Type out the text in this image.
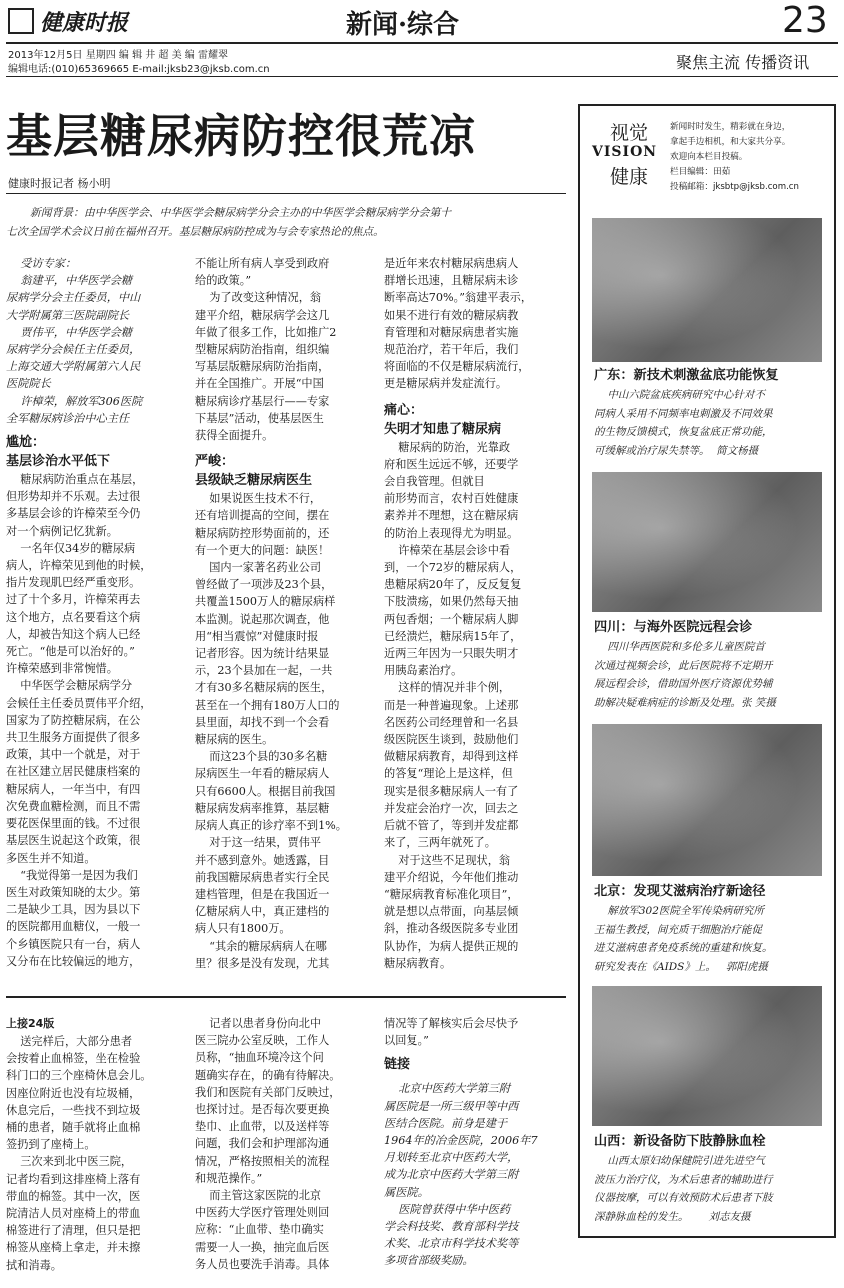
健康时报	新闻·综合	23
2013年12月5日 星期四 编 辑 井 超 美 编 雷耀翠
编辑电话:(010)65369665 E-mail:jksb23@jksb.com.cn	聚焦主流 传播资讯
基层糖尿病防控很荒凉
健康时报记者 杨小明

新闻背景：由中华医学会、中华医学会糖尿病学分会主办的中华医学会糖尿病学分会第十

七次全国学术会议日前在福州召开。基层糖尿病防控成为与会专家热论的焦点。

受访专家：

翁建平，中华医学会糖

尿病学分会主任委员，中山

大学附属第三医院副院长

贾伟平，中华医学会糖

尿病学分会候任主任委员，

上海交通大学附属第六人民

医院院长

许樟荣，解放军306医院

全军糖尿病诊治中心主任

尴尬：
基层诊治水平低下

糖尿病防治重点在基层，

但形势却并不乐观。去过很

多基层会诊的许樟荣至今仍

对一个病例记忆犹新。

一名年仅34岁的糖尿病

病人，许樟荣见到他的时候，

指片发现肌巴经严重变形。

过了十个多月，许樟荣再去

这个地方，点名要看这个病

人，却被告知这个病人已经

死亡。“他是可以治好的。”

许樟荣感到非常惋惜。

中华医学会糖尿病学分

会候任主任委员贾伟平介绍，

国家为了防控糖尿病，在公

共卫生服务方面提供了很多

政策，其中一个就是，对于

在社区建立居民健康档案的

糖尿病人，一年当中，有四

次免费血糖检测，而且不需

要花医保里面的钱。不过很

基层医生说起这个政策，很

多医生并不知道。

“我觉得第一是因为我们

医生对政策知晓的太少。第

二是缺少工具，因为县以下

的医院都用血糖仪，一般一

个乡镇医院只有一台，病人

又分布在比较偏远的地方，

不能让所有病人享受到政府

给的政策。”

为了改变这种情况，翁

建平介绍，糖尿病学会这几

年做了很多工作，比如推广2

型糖尿病防治指南，组织编

写基层版糖尿病防治指南，

并在全国推广。开展“中国

糖尿病诊疗基层行——专家

下基层”活动，使基层医生

获得全面提升。

严峻：
县级缺乏糖尿病医生

如果说医生技术不行，

还有培训提高的空间，摆在

糖尿病防控形势面前的，还

有一个更大的问题：缺医！

国内一家著名药业公司

曾经做了一项涉及23个县，

共覆盖1500万人的糖尿病样

本监测。说起那次调查，他

用“相当震惊”对健康时报

记者形容。因为统计结果显

示，23个县加在一起，一共

才有30多名糖尿病的医生，

甚至在一个拥有180万人口的

县里面，却找不到一个会看

糖尿病的医生。

而这23个县的30多名糖

尿病医生一年看的糖尿病人

只有6600人。根据目前我国

糖尿病发病率推算，基层糖

尿病人真正的诊疗率不到1%。

对于这一结果，贾伟平

并不感到意外。她透露，目

前我国糖尿病患者实行全民

建档管理，但是在我国近一

亿糖尿病人中，真正建档的

病人只有1800万。

“其余的糖尿病病人在哪

里？很多是没有发现，尤其

是近年来农村糖尿病患病人

群增长迅速，且糖尿病未诊

断率高达70%。”翁建平表示，

如果不进行有效的糖尿病教

育管理和对糖尿病患者实施

规范治疗，若干年后，我们

将面临的不仅是糖尿病流行，

更是糖尿病并发症流行。

痛心：
失明才知患了糖尿病

糖尿病的防治，光靠政

府和医生远远不够，还要学

会自我管理。但就目

前形势而言，农村百姓健康

素养并不理想，这在糖尿病

的防治上表现得尤为明显。

许樟荣在基层会诊中看

到，一个72岁的糖尿病人，

患糖尿病20年了，反反复复

下肢溃疡，如果仍然每天抽

两包香烟；一个糖尿病人脚

已经溃烂，糖尿病15年了，

近两三年因为一只眼失明才

用胰岛素治疗。

这样的情况并非个例，

而是一种普遍现象。上述那

名医药公司经理曾和一名县

级医院医生谈到，鼓励他们

做糖尿病教育，却得到这样

的答复“理论上是这样，但

现实是很多糖尿病人一有了

并发症会治疗一次，回去之

后就不管了，等到并发症都

来了，三两年就死了。

对于这些不足现状，翁

建平介绍说，今年他们推动

“糖尿病教育标准化项目”，

就是想以点带面，向基层倾

斜，推动各级医院多专业团

队协作，为病人提供正规的

糖尿病教育。

上接24版

送完样后，大部分患者

会按着止血棉签，坐在检验

科门口的三个座椅休息会儿。

因座位附近也没有垃圾桶，

休息完后，一些找不到垃圾

桶的患者，随手就将止血棉

签扔到了座椅上。

三次来到北中医三院，

记者均看到这排座椅上落有

带血的棉签。其中一次，医

院清洁人员对座椅上的带血

棉签进行了清理，但只是把

棉签从座椅上拿走，并未擦

拭和消毒。

记者以患者身份向北中

医三院办公室反映，工作人

员称，“抽血环境冷这个问

题确实存在，的确有待解决。

我们和医院有关部门反映过，

也探讨过。是否每次要更换

垫巾、止血带，以及送样等

问题，我们会和护理部沟通

情况，严格按照相关的流程

和规范操作。”

而主管这家医院的北京

中医药大学医疗管理处则回

应称：“止血带、垫巾确实

需要一人一换，抽完血后医

务人员也要洗手消毒。具体

情况等了解核实后会尽快予

以回复。”

链接

北京中医药大学第三附

属医院是一所三级甲等中西

医结合医院。前身是建于

1964年的冶金医院，2006年7

月划转至北京中医药大学，

成为北京中医药大学第三附

属医院。

医院曾获得中华中医药

学会科技奖、教育部科学技

术奖、北京市科学技术奖等

多项省部级奖励。

视觉
VISION
健康

新闻时时发生，精彩就在身边，

拿起手边相机，和大家共分享。

欢迎向本栏目投稿。

栏目编辑：田茹

投稿邮箱：jksbtp@jksb.com.cn

广东：新技术刺激盆底功能恢复

中山六院盆底疾病研究中心针对不

同病人采用不同频率电刺激及不同效果

的生物反馈模式，恢复盆底正常功能，

可缓解或治疗尿失禁等。  简文杨摄

四川：与海外医院远程会诊

四川华西医院和多伦多儿童医院首

次通过视频会诊，此后医院将不定期开

展远程会诊，借助国外医疗资源优势辅

助解决疑难病症的诊断及处理。张 笑摄

北京：发现艾滋病治疗新途径

解放军302医院全军传染病研究所

王福生教授，间充质干细胞治疗能促

进艾滋病患者免疫系统的重建和恢复。

研究发表在《AIDS》上。   郭阳虎摄

山西：新设备防下肢静脉血栓

山西太原妇幼保健院引进先进空气

波压力治疗仪，为术后患者的辅助进行

仪器按摩，可以有效预防术后患者下肢

深静脉血栓的发生。      刘志友摄
